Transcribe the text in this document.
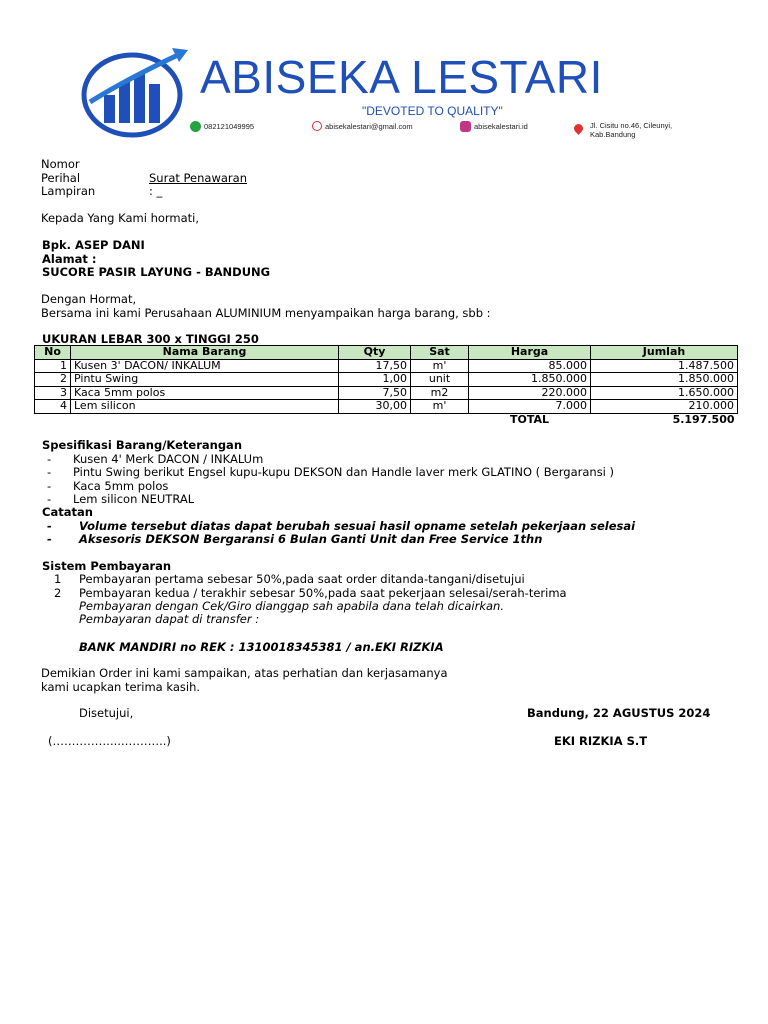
ABISEKA LESTARI
"DEVOTED TO QUALITY"
082121049995	abisekalestari@gmail.com	abisekalestari.id	Jl. Cisitu no.46, Cileunyi,
Kab.Bandung
Nomor
Perihal	Surat Penawaran
Lampiran	: _
Kepada Yang Kami hormati,
Bpk. ASEP DANI
Alamat :
SUCORE PASIR LAYUNG - BANDUNG
Dengan Hormat,
Bersama ini kami Perusahaan ALUMINIUM menyampaikan harga barang, sbb :
UKURAN LEBAR 300 x TINGGI 250
No	Nama Barang	Qty	Sat	Harga	Jumlah
1	Kusen 3' DACON/ INKALUM	17,50	m'	85.000	1.487.500
2	Pintu Swing	1,00	unit	1.850.000	1.850.000
3	Kaca 5mm polos	7,50	m2	220.000	1.650.000
4	Lem silicon	30,00	m'	7.000	210.000
				TOTAL	5.197.500
Spesifikasi Barang/Keterangan
- Kusen 4' Merk DACON / INKALUm
- Pintu Swing berikut Engsel kupu-kupu DEKSON dan Handle laver merk GLATINO ( Bergaransi )
- Kaca 5mm polos
- Lem silicon NEUTRAL
Catatan
- Volume tersebut diatas dapat berubah sesuai hasil opname setelah pekerjaan selesai
- Aksesoris DEKSON Bergaransi 6 Bulan Ganti Unit dan Free Service 1thn
Sistem Pembayaran
1 Pembayaran pertama sebesar 50%,pada saat order ditanda-tangani/disetujui
2 Pembayaran kedua / terakhir sebesar 50%,pada saat pekerjaan selesai/serah-terima
Pembayaran dengan Cek/Giro dianggap sah apabila dana telah dicairkan.
Pembayaran dapat di transfer :
BANK MANDIRI no REK : 1310018345381 / an.EKI RIZKIA
Demikian Order ini kami sampaikan, atas perhatian dan kerjasamanya
kami ucapkan terima kasih.
Disetujui,	Bandung, 22 AGUSTUS 2024
(……………....………..)	EKI RIZKIA S.T
